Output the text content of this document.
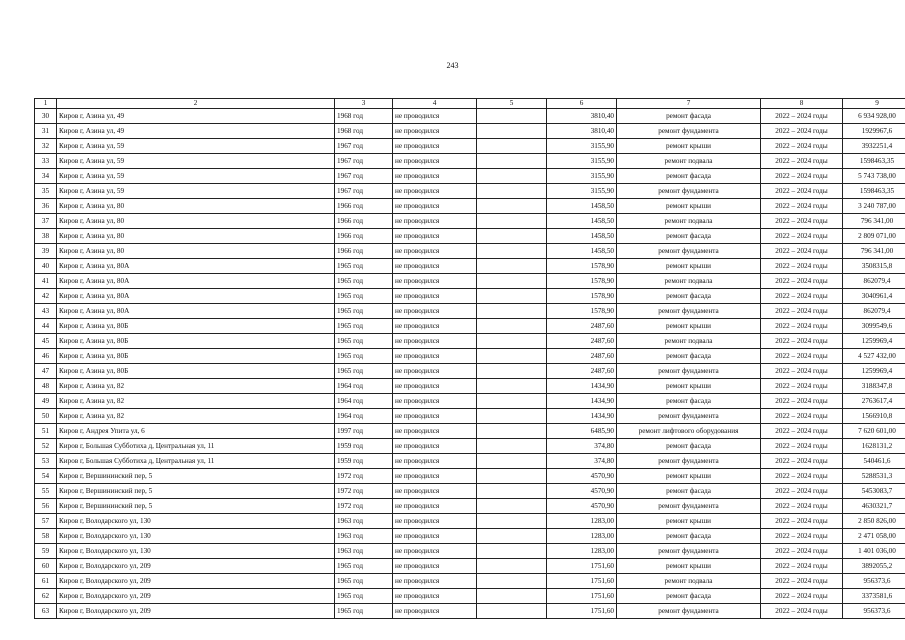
243
1	2	3	4	5	6	7	8	9
30	Киров г, Азина ул, 49	1968 год	не проводился		3810,40	ремонт фасада	2022 – 2024 годы	6 934 928,00
31	Киров г, Азина ул, 49	1968 год	не проводился		3810,40	ремонт фундамента	2022 – 2024 годы	1929967,6
32	Киров г, Азина ул, 59	1967 год	не проводился		3155,90	ремонт крыши	2022 – 2024 годы	3932251,4
33	Киров г, Азина ул, 59	1967 год	не проводился		3155,90	ремонт подвала	2022 – 2024 годы	1598463,35
34	Киров г, Азина ул, 59	1967 год	не проводился		3155,90	ремонт фасада	2022 – 2024 годы	5 743 738,00
35	Киров г, Азина ул, 59	1967 год	не проводился		3155,90	ремонт фундамента	2022 – 2024 годы	1598463,35
36	Киров г, Азина ул, 80	1966 год	не проводился		1458,50	ремонт крыши	2022 – 2024 годы	3 240 787,00
37	Киров г, Азина ул, 80	1966 год	не проводился		1458,50	ремонт подвала	2022 – 2024 годы	796 341,00
38	Киров г, Азина ул, 80	1966 год	не проводился		1458,50	ремонт фасада	2022 – 2024 годы	2 809 071,00
39	Киров г, Азина ул, 80	1966 год	не проводился		1458,50	ремонт фундамента	2022 – 2024 годы	796 341,00
40	Киров г, Азина ул, 80А	1965 год	не проводился		1578,90	ремонт крыши	2022 – 2024 годы	3508315,8
41	Киров г, Азина ул, 80А	1965 год	не проводился		1578,90	ремонт подвала	2022 – 2024 годы	862079,4
42	Киров г, Азина ул, 80А	1965 год	не проводился		1578,90	ремонт фасада	2022 – 2024 годы	3040961,4
43	Киров г, Азина ул, 80А	1965 год	не проводился		1578,90	ремонт фундамента	2022 – 2024 годы	862079,4
44	Киров г, Азина ул, 80Б	1965 год	не проводился		2487,60	ремонт крыши	2022 – 2024 годы	3099549,6
45	Киров г, Азина ул, 80Б	1965 год	не проводился		2487,60	ремонт подвала	2022 – 2024 годы	1259969,4
46	Киров г, Азина ул, 80Б	1965 год	не проводился		2487,60	ремонт фасада	2022 – 2024 годы	4 527 432,00
47	Киров г, Азина ул, 80Б	1965 год	не проводился		2487,60	ремонт фундамента	2022 – 2024 годы	1259969,4
48	Киров г, Азина ул, 82	1964 год	не проводился		1434,90	ремонт крыши	2022 – 2024 годы	3188347,8
49	Киров г, Азина ул, 82	1964 год	не проводился		1434,90	ремонт фасада	2022 – 2024 годы	2763617,4
50	Киров г, Азина ул, 82	1964 год	не проводился		1434,90	ремонт фундамента	2022 – 2024 годы	1566910,8
51	Киров г, Андрея Упита ул, 6	1997 год	не проводился		6485,90	ремонт лифтового оборудования	2022 – 2024 годы	7 620 601,00
52	Киров г, Большая Субботиха д, Центральная ул, 11	1959 год	не проводился		374,80	ремонт фасада	2022 – 2024 годы	1628131,2
53	Киров г, Большая Субботиха д, Центральная ул, 11	1959 год	не проводился		374,80	ремонт фундамента	2022 – 2024 годы	540461,6
54	Киров г, Вершининский пер, 5	1972 год	не проводился		4570,90	ремонт крыши	2022 – 2024 годы	5288531,3
55	Киров г, Вершининский пер, 5	1972 год	не проводился		4570,90	ремонт фасада	2022 – 2024 годы	5453083,7
56	Киров г, Вершининский пер, 5	1972 год	не проводился		4570,90	ремонт фундамента	2022 – 2024 годы	4630321,7
57	Киров г, Володарского ул, 130	1963 год	не проводился		1283,00	ремонт крыши	2022 – 2024 годы	2 850 826,00
58	Киров г, Володарского ул, 130	1963 год	не проводился		1283,00	ремонт фасада	2022 – 2024 годы	2 471 058,00
59	Киров г, Володарского ул, 130	1963 год	не проводился		1283,00	ремонт фундамента	2022 – 2024 годы	1 401 036,00
60	Киров г, Володарского ул, 209	1965 год	не проводился		1751,60	ремонт крыши	2022 – 2024 годы	3892055,2
61	Киров г, Володарского ул, 209	1965 год	не проводился		1751,60	ремонт подвала	2022 – 2024 годы	956373,6
62	Киров г, Володарского ул, 209	1965 год	не проводился		1751,60	ремонт фасада	2022 – 2024 годы	3373581,6
63	Киров г, Володарского ул, 209	1965 год	не проводился		1751,60	ремонт фундамента	2022 – 2024 годы	956373,6
